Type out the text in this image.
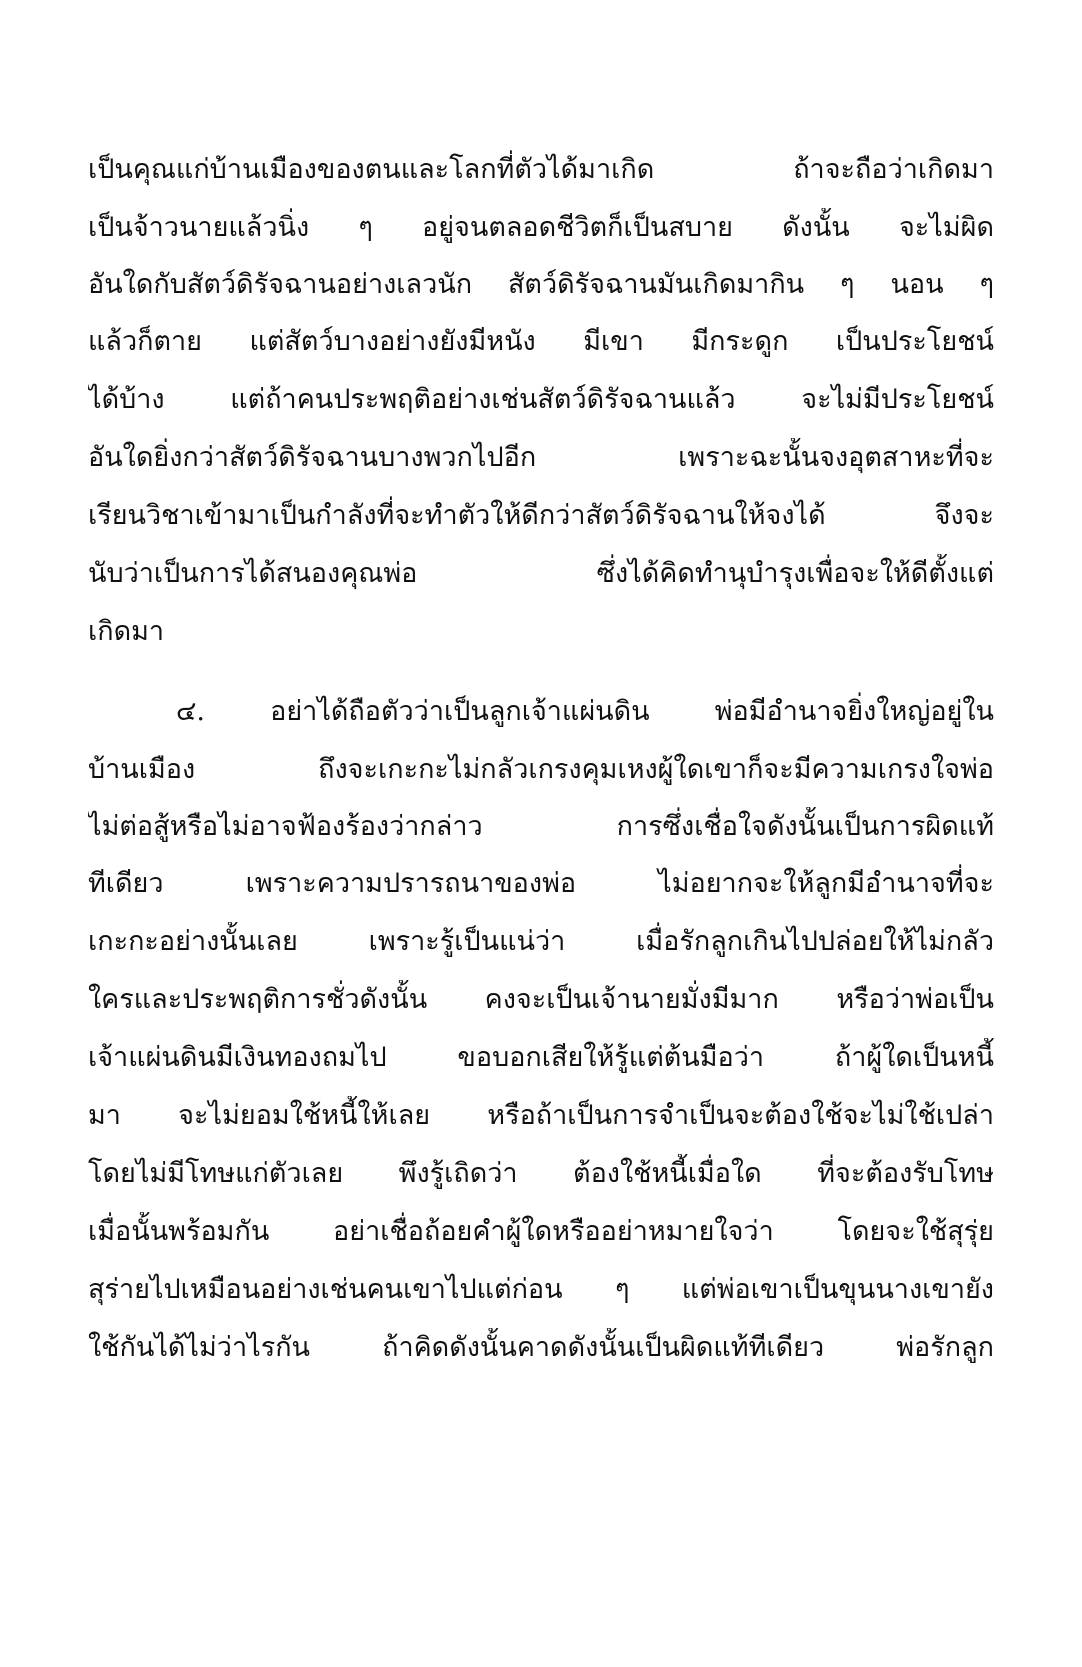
เป็นคุณแก่บ้านเมืองของตนและโลกที่ตัวได้มาเกิด ถ้าจะถือว่าเกิดมา
เป็นจ้าวนายแล้วนิ่ง ๆ อยู่จนตลอดชีวิตก็เป็นสบาย ดังนั้น จะไม่ผิด
อันใดกับสัตว์ดิรัจฉานอย่างเลวนัก สัตว์ดิรัจฉานมันเกิดมากิน ๆ นอน ๆ
แล้วก็ตาย แต่สัตว์บางอย่างยังมีหนัง มีเขา มีกระดูก เป็นประโยชน์
ได้บ้าง แต่ถ้าคนประพฤติอย่างเช่นสัตว์ดิรัจฉานแล้ว จะไม่มีประโยชน์
อันใดยิ่งกว่าสัตว์ดิรัจฉานบางพวกไปอีก เพราะฉะนั้นจงอุตสาหะที่จะ
เรียนวิชาเข้ามาเป็นกำลังที่จะทำตัวให้ดีกว่าสัตว์ดิรัจฉานให้จงได้ จึงจะ
นับว่าเป็นการได้สนองคุณพ่อ ซึ่งได้คิดทำนุบำรุงเพื่อจะให้ดีตั้งแต่
เกิดมา
๔. อย่าได้ถือตัวว่าเป็นลูกเจ้าแผ่นดิน พ่อมีอำนาจยิ่งใหญ่อยู่ใน
บ้านเมือง ถึงจะเกะกะไม่กลัวเกรงคุมเหงผู้ใดเขาก็จะมีความเกรงใจพ่อ
ไม่ต่อสู้หรือไม่อาจฟ้องร้องว่ากล่าว การซึ่งเชื่อใจดังนั้นเป็นการผิดแท้
ทีเดียว เพราะความปรารถนาของพ่อ ไม่อยากจะให้ลูกมีอำนาจที่จะ
เกะกะอย่างนั้นเลย เพราะรู้เป็นแน่ว่า เมื่อรักลูกเกินไปปล่อยให้ไม่กลัว
ใครและประพฤติการชั่วดังนั้น คงจะเป็นเจ้านายมั่งมีมาก หรือว่าพ่อเป็น
เจ้าแผ่นดินมีเงินทองถมไป ขอบอกเสียให้รู้แต่ต้นมือว่า ถ้าผู้ใดเป็นหนี้
มา จะไม่ยอมใช้หนี้ให้เลย หรือถ้าเป็นการจำเป็นจะต้องใช้จะไม่ใช้เปล่า
โดยไม่มีโทษแก่ตัวเลย พึงรู้เถิดว่า ต้องใช้หนี้เมื่อใด ที่จะต้องรับโทษ
เมื่อนั้นพร้อมกัน อย่าเชื่อถ้อยคำผู้ใดหรืออย่าหมายใจว่า โดยจะใช้สุรุ่ย
สุร่ายไปเหมือนอย่างเช่นคนเขาไปแต่ก่อน ๆ แต่พ่อเขาเป็นขุนนางเขายัง
ใช้กันได้ไม่ว่าไรกัน ถ้าคิดดังนั้นคาดดังนั้นเป็นผิดแท้ทีเดียว พ่อรักลูก
